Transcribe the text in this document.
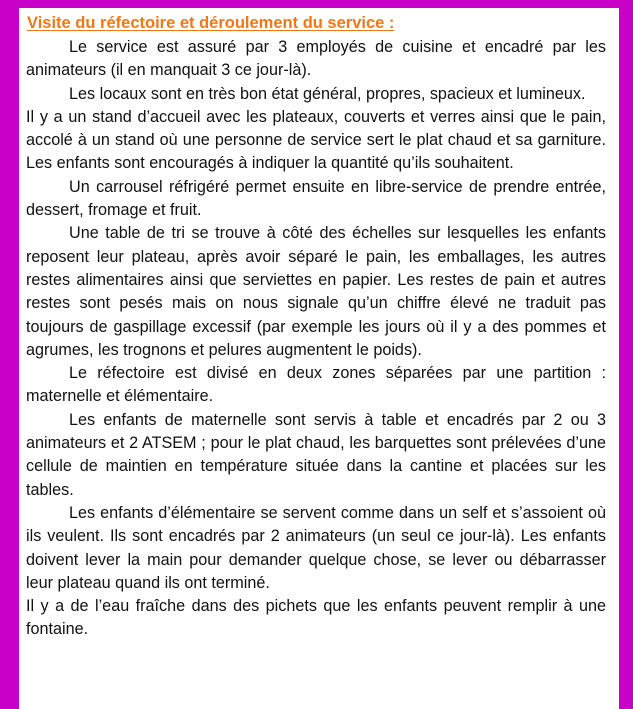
Visite du réfectoire et déroulement du service :

Le service est assuré par 3 employés de cuisine et encadré par les animateurs (il en manquait 3 ce jour-là).

Les locaux sont en très bon état général, propres, spacieux et lumineux.

Il y a un stand d’accueil avec les plateaux, couverts et verres ainsi que le pain, accolé à un stand où une personne de service sert le plat chaud et sa garniture. Les enfants sont encouragés à indiquer la quantité qu’ils souhaitent.

Un carrousel réfrigéré permet ensuite en libre-service de prendre entrée, dessert, fromage et fruit.

Une table de tri se trouve à côté des échelles sur lesquelles les enfants reposent leur plateau, après avoir séparé le pain, les emballages, les autres restes alimentaires ainsi que serviettes en papier. Les restes de pain et autres restes sont pesés mais on nous signale qu’un chiffre élevé ne traduit pas toujours de gaspillage excessif (par exemple les jours où il y a des pommes et agrumes, les trognons et pelures augmentent le poids).

Le réfectoire est divisé en deux zones séparées par une partition : maternelle et élémentaire.

Les enfants de maternelle sont servis à table et encadrés par 2 ou 3 animateurs et 2 ATSEM ; pour le plat chaud, les barquettes sont prélevées d’une cellule de maintien en température située dans la cantine et placées sur les tables.

Les enfants d’élémentaire se servent comme dans un self et s’assoient où ils veulent. Ils sont encadrés par 2 animateurs (un seul ce jour-là). Les enfants doivent lever la main pour demander quelque chose, se lever ou débarrasser leur plateau quand ils ont terminé.

Il y a de l’eau fraîche dans des pichets que les enfants peuvent remplir à une fontaine.
